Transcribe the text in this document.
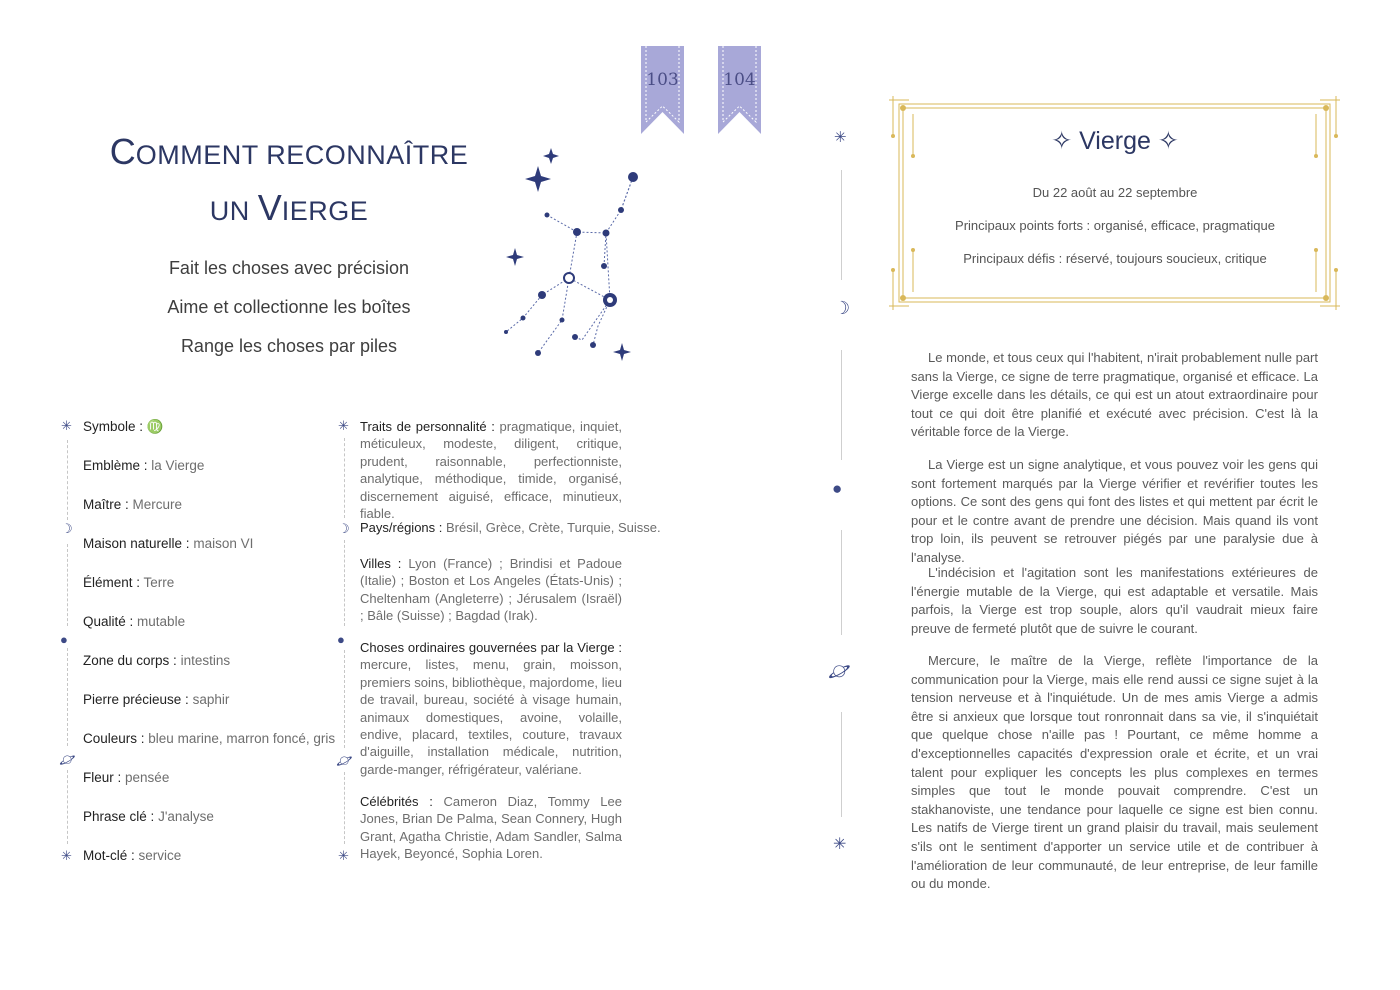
103	104
COMMENT RECONNAÎTRE
UN VIERGE
Fait les choses avec précision
Aime et collectionne les boîtes
Range les choses par piles
✳
☽
●
🪐︎
✳
Symbole : ♍
Emblème : la Vierge
Maître : Mercure
Maison naturelle : maison VI
Élément : Terre
Qualité : mutable
Zone du corps : intestins
Pierre précieuse : saphir
Couleurs : bleu marine, marron foncé, gris
Fleur : pensée
Phrase clé : J'analyse
Mot-clé : service
✳
☽
●
🪐︎
✳
Traits de personnalité : pragmatique, inquiet, méticuleux, modeste, diligent, critique, prudent, raisonnable, perfectionniste, analytique, méthodique, timide, organisé, discernement aiguisé, efficace, minutieux, fiable.
Pays/régions : Brésil, Grèce, Crète, Turquie, Suisse.
Villes : Lyon (France) ; Brindisi et Padoue (Italie) ; Boston et Los Angeles (États-Unis) ; Cheltenham (Angleterre) ; Jérusalem (Israël) ; Bâle (Suisse) ; Bagdad (Irak).
Choses ordinaires gouvernées par la Vierge : mercure, listes, menu, grain, moisson, premiers soins, bibliothèque, majordome, lieu de travail, bureau, société à visage humain, animaux domestiques, avoine, volaille, endive, placard, textiles, couture, travaux d'aiguille, installation médicale, nutrition, garde-manger, réfrigérateur, valériane.
Célébrités : Cameron Diaz, Tommy Lee Jones, Brian De Palma, Sean Connery, Hugh Grant, Agatha Christie, Adam Sandler, Salma Hayek, Beyoncé, Sophia Loren.
✳
☽
●
🪐︎
✳
✧ Vierge ✧
Du 22 août au 22 septembre
Principaux points forts : organisé, efficace, pragmatique
Principaux défis : réservé, toujours soucieux, critique
Le monde, et tous ceux qui l'habitent, n'irait probablement nulle part sans la Vierge, ce signe de terre pragmatique, organisé et efficace. La Vierge excelle dans les détails, ce qui est un atout extraordinaire pour tout ce qui doit être planifié et exécuté avec précision. C'est là la véritable force de la Vierge.
La Vierge est un signe analytique, et vous pouvez voir les gens qui sont fortement marqués par la Vierge vérifier et revérifier toutes les options. Ce sont des gens qui font des listes et qui mettent par écrit le pour et le contre avant de prendre une décision. Mais quand ils vont trop loin, ils peuvent se retrouver piégés par une paralysie due à l'analyse.
L'indécision et l'agitation sont les manifestations extérieures de l'énergie mutable de la Vierge, qui est adaptable et versatile. Mais parfois, la Vierge est trop souple, alors qu'il vaudrait mieux faire preuve de fermeté plutôt que de suivre le courant.
Mercure, le maître de la Vierge, reflète l'importance de la communication pour la Vierge, mais elle rend aussi ce signe sujet à la tension nerveuse et à l'inquiétude. Un de mes amis Vierge a admis être si anxieux que lorsque tout ronronnait dans sa vie, il s'inquiétait que quelque chose n'aille pas ! Pourtant, ce même homme a d'exceptionnelles capacités d'expression orale et écrite, et un vrai talent pour expliquer les concepts les plus complexes en termes simples que tout le monde pouvait comprendre. C'est un stakhanoviste, une tendance pour laquelle ce signe est bien connu. Les natifs de Vierge tirent un grand plaisir du travail, mais seulement s'ils ont le sentiment d'apporter un service utile et de contribuer à l'amélioration de leur communauté, de leur entreprise, de leur famille ou du monde.
